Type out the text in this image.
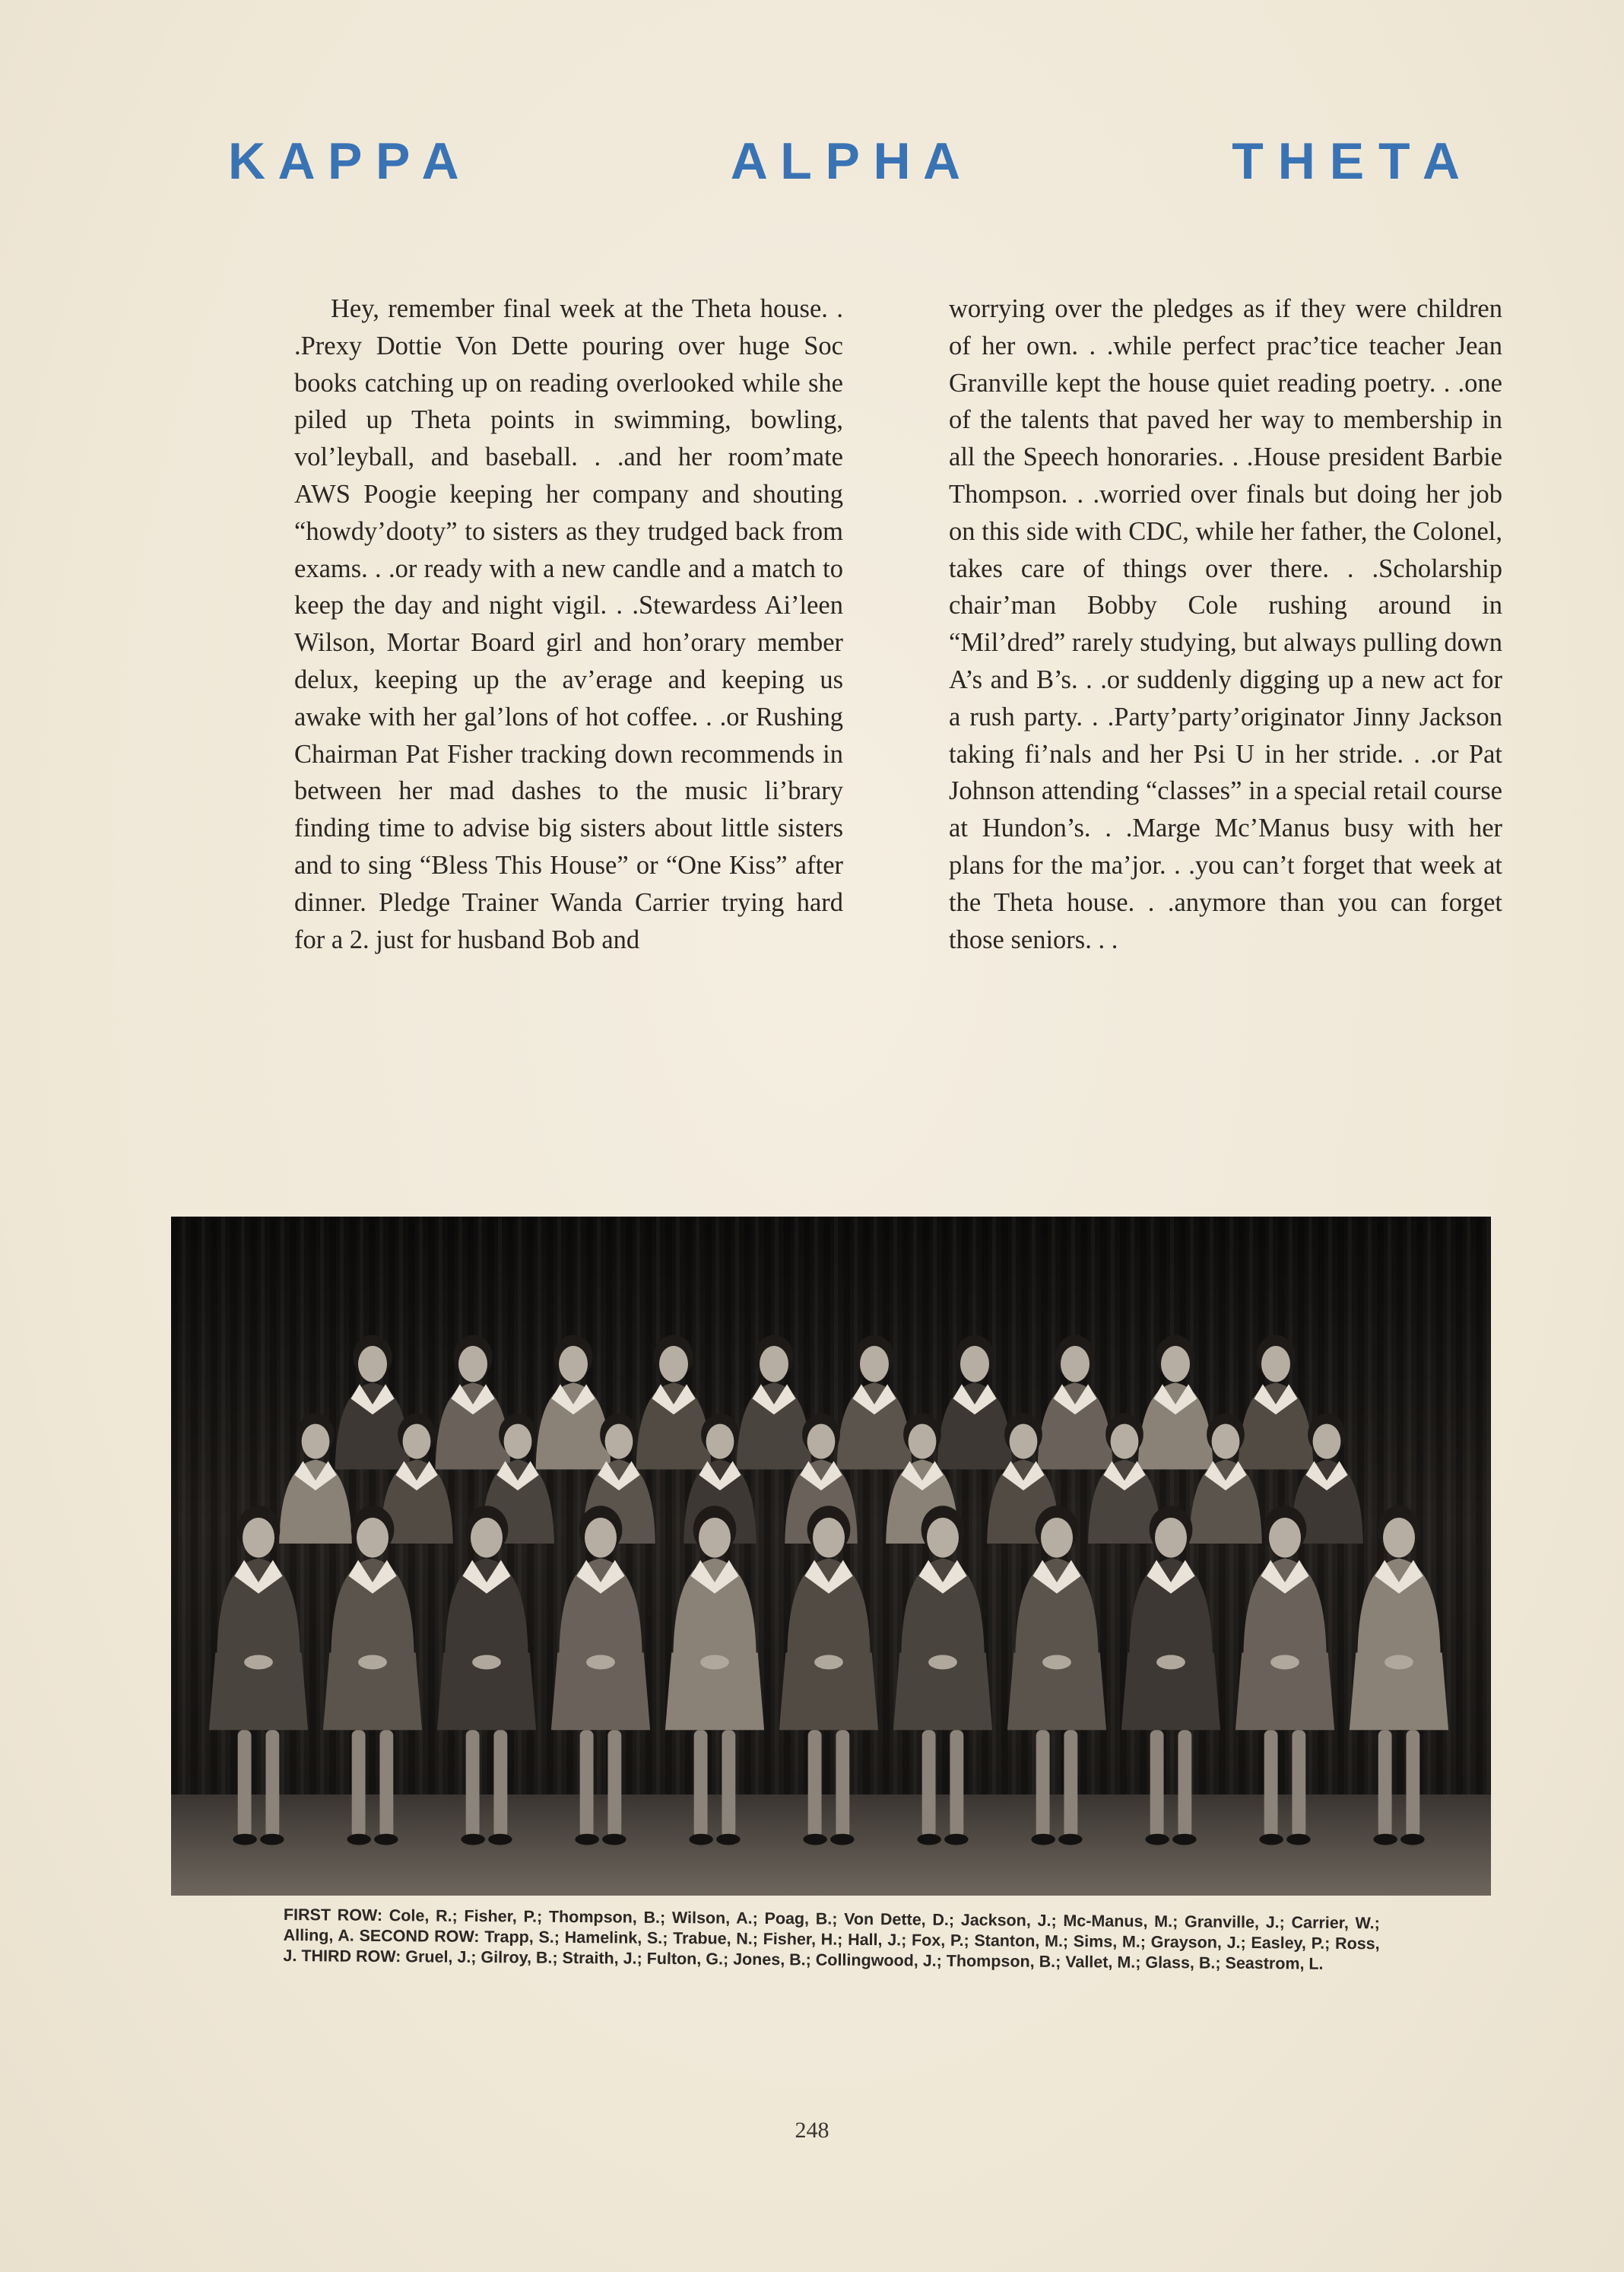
K A P P A	A L P H A	T H E T A

Hey, remember final week at the Theta house. . .Prexy Dottie Von Dette pouring over huge Soc books catching up on reading overlooked while she piled up Theta points in swimming, bowling, vol’leyball, and baseball. . .and her room’mate AWS Poogie keeping her company and shouting “howdy’dooty” to sisters as they trudged back from exams. . .or ready with a new candle and a match to keep the day and night vigil. . .Stewardess Ai’leen Wilson, Mortar Board girl and hon’orary member delux, keeping up the av’erage and keeping us awake with her gal’lons of hot coffee. . .or Rushing Chairman Pat Fisher tracking down recommends in between her mad dashes to the music li’brary finding time to advise big sisters about little sisters and to sing “Bless This House” or “One Kiss” after dinner. Pledge Trainer Wanda Carrier trying hard for a 2. just for husband Bob and

worrying over the pledges as if they were children of her own. . .while perfect prac’tice teacher Jean Granville kept the house quiet reading poetry. . .one of the talents that paved her way to membership in all the Speech honoraries. . .House president Barbie Thompson. . .worried over finals but doing her job on this side with CDC, while her father, the Colonel, takes care of things over there. . .Scholarship chair’man Bobby Cole rushing around in “Mil’dred” rarely studying, but always pulling down A’s and B’s. . .or suddenly digging up a new act for a rush party. . .Party’party’originator Jinny Jackson taking fi’nals and her Psi U in her stride. . .or Pat Johnson attending “classes” in a special retail course at Hundon’s. . .Marge Mc’Manus busy with her plans for the ma’jor. . .you can’t forget that week at the Theta house. . .anymore than you can forget those seniors. . .

FIRST ROW: Cole, R.; Fisher, P.; Thompson, B.; Wilson, A.; Poag, B.; Von Dette, D.; Jackson, J.; Mc-Manus, M.; Granville, J.; Carrier, W.; Alling, A. SECOND ROW: Trapp, S.; Hamelink, S.; Trabue, N.; Fisher, H.; Hall, J.; Fox, P.; Stanton, M.; Sims, M.; Grayson, J.; Easley, P.; Ross, J. THIRD ROW: Gruel, J.; Gilroy, B.; Straith, J.; Fulton, G.; Jones, B.; Collingwood, J.; Thompson, B.; Vallet, M.; Glass, B.; Seastrom, L.

248
